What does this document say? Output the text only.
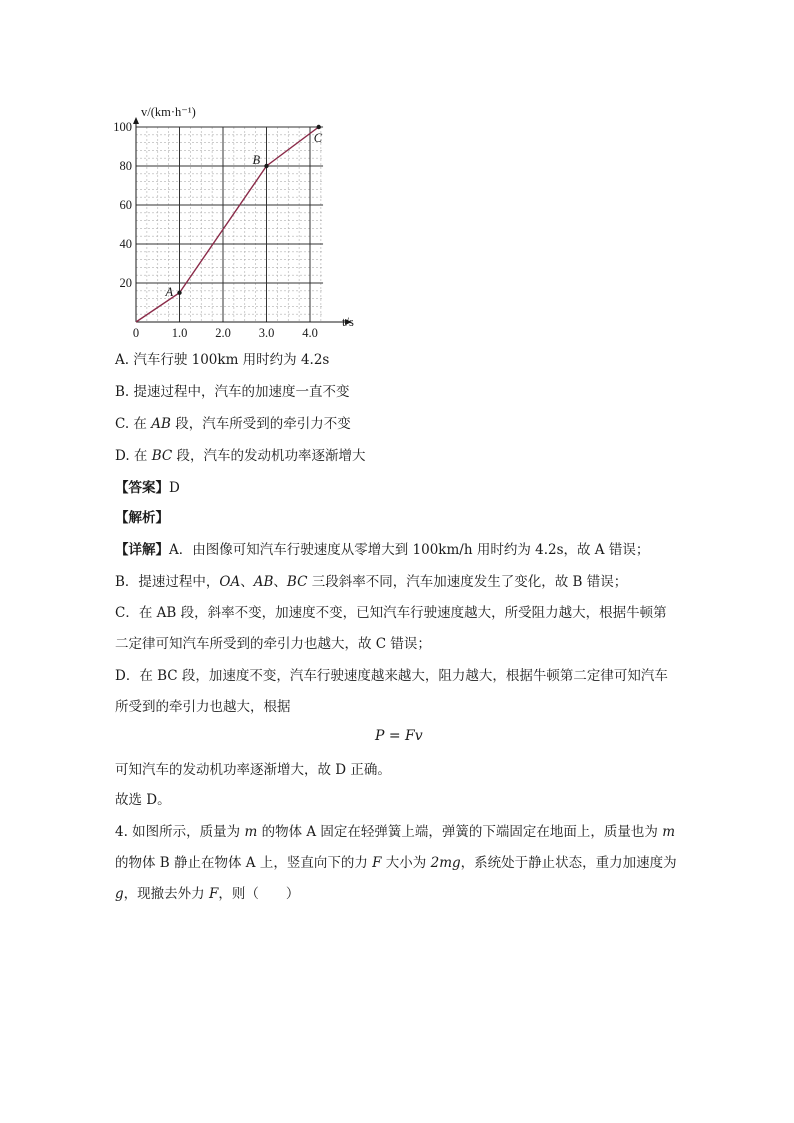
0	1.0 2.0 3.0 4.0
20
40
60
80
100
A
B
C
v/(km·h⁻¹)
t/s
A. 汽车行驶 100km 用时约为 4.2s
B. 提速过程中，汽车的加速度一直不变
C. 在 AB 段，汽车所受到的牵引力不变
D. 在 BC 段，汽车的发动机功率逐渐增大
【答案】D
【解析】
【详解】A．由图像可知汽车行驶速度从零增大到 100km/h 用时约为 4.2s，故 A 错误；
B．提速过程中，OA、AB、BC 三段斜率不同，汽车加速度发生了变化，故 B 错误；
C．在 AB 段，斜率不变，加速度不变，已知汽车行驶速度越大，所受阻力越大，根据牛顿第
二定律可知汽车所受到的牵引力也越大，故 C 错误；
D．在 BC 段，加速度不变，汽车行驶速度越来越大，阻力越大，根据牛顿第二定律可知汽车
所受到的牵引力也越大，根据
P = Fv
可知汽车的发动机功率逐渐增大，故 D 正确。
故选 D。
4. 如图所示，质量为 m 的物体 A 固定在轻弹簧上端，弹簧的下端固定在地面上，质量也为 m
的物体 B 静止在物体 A 上，竖直向下的力 F 大小为 2mg，系统处于静止状态，重力加速度为
g，现撤去外力 F，则（　　）
